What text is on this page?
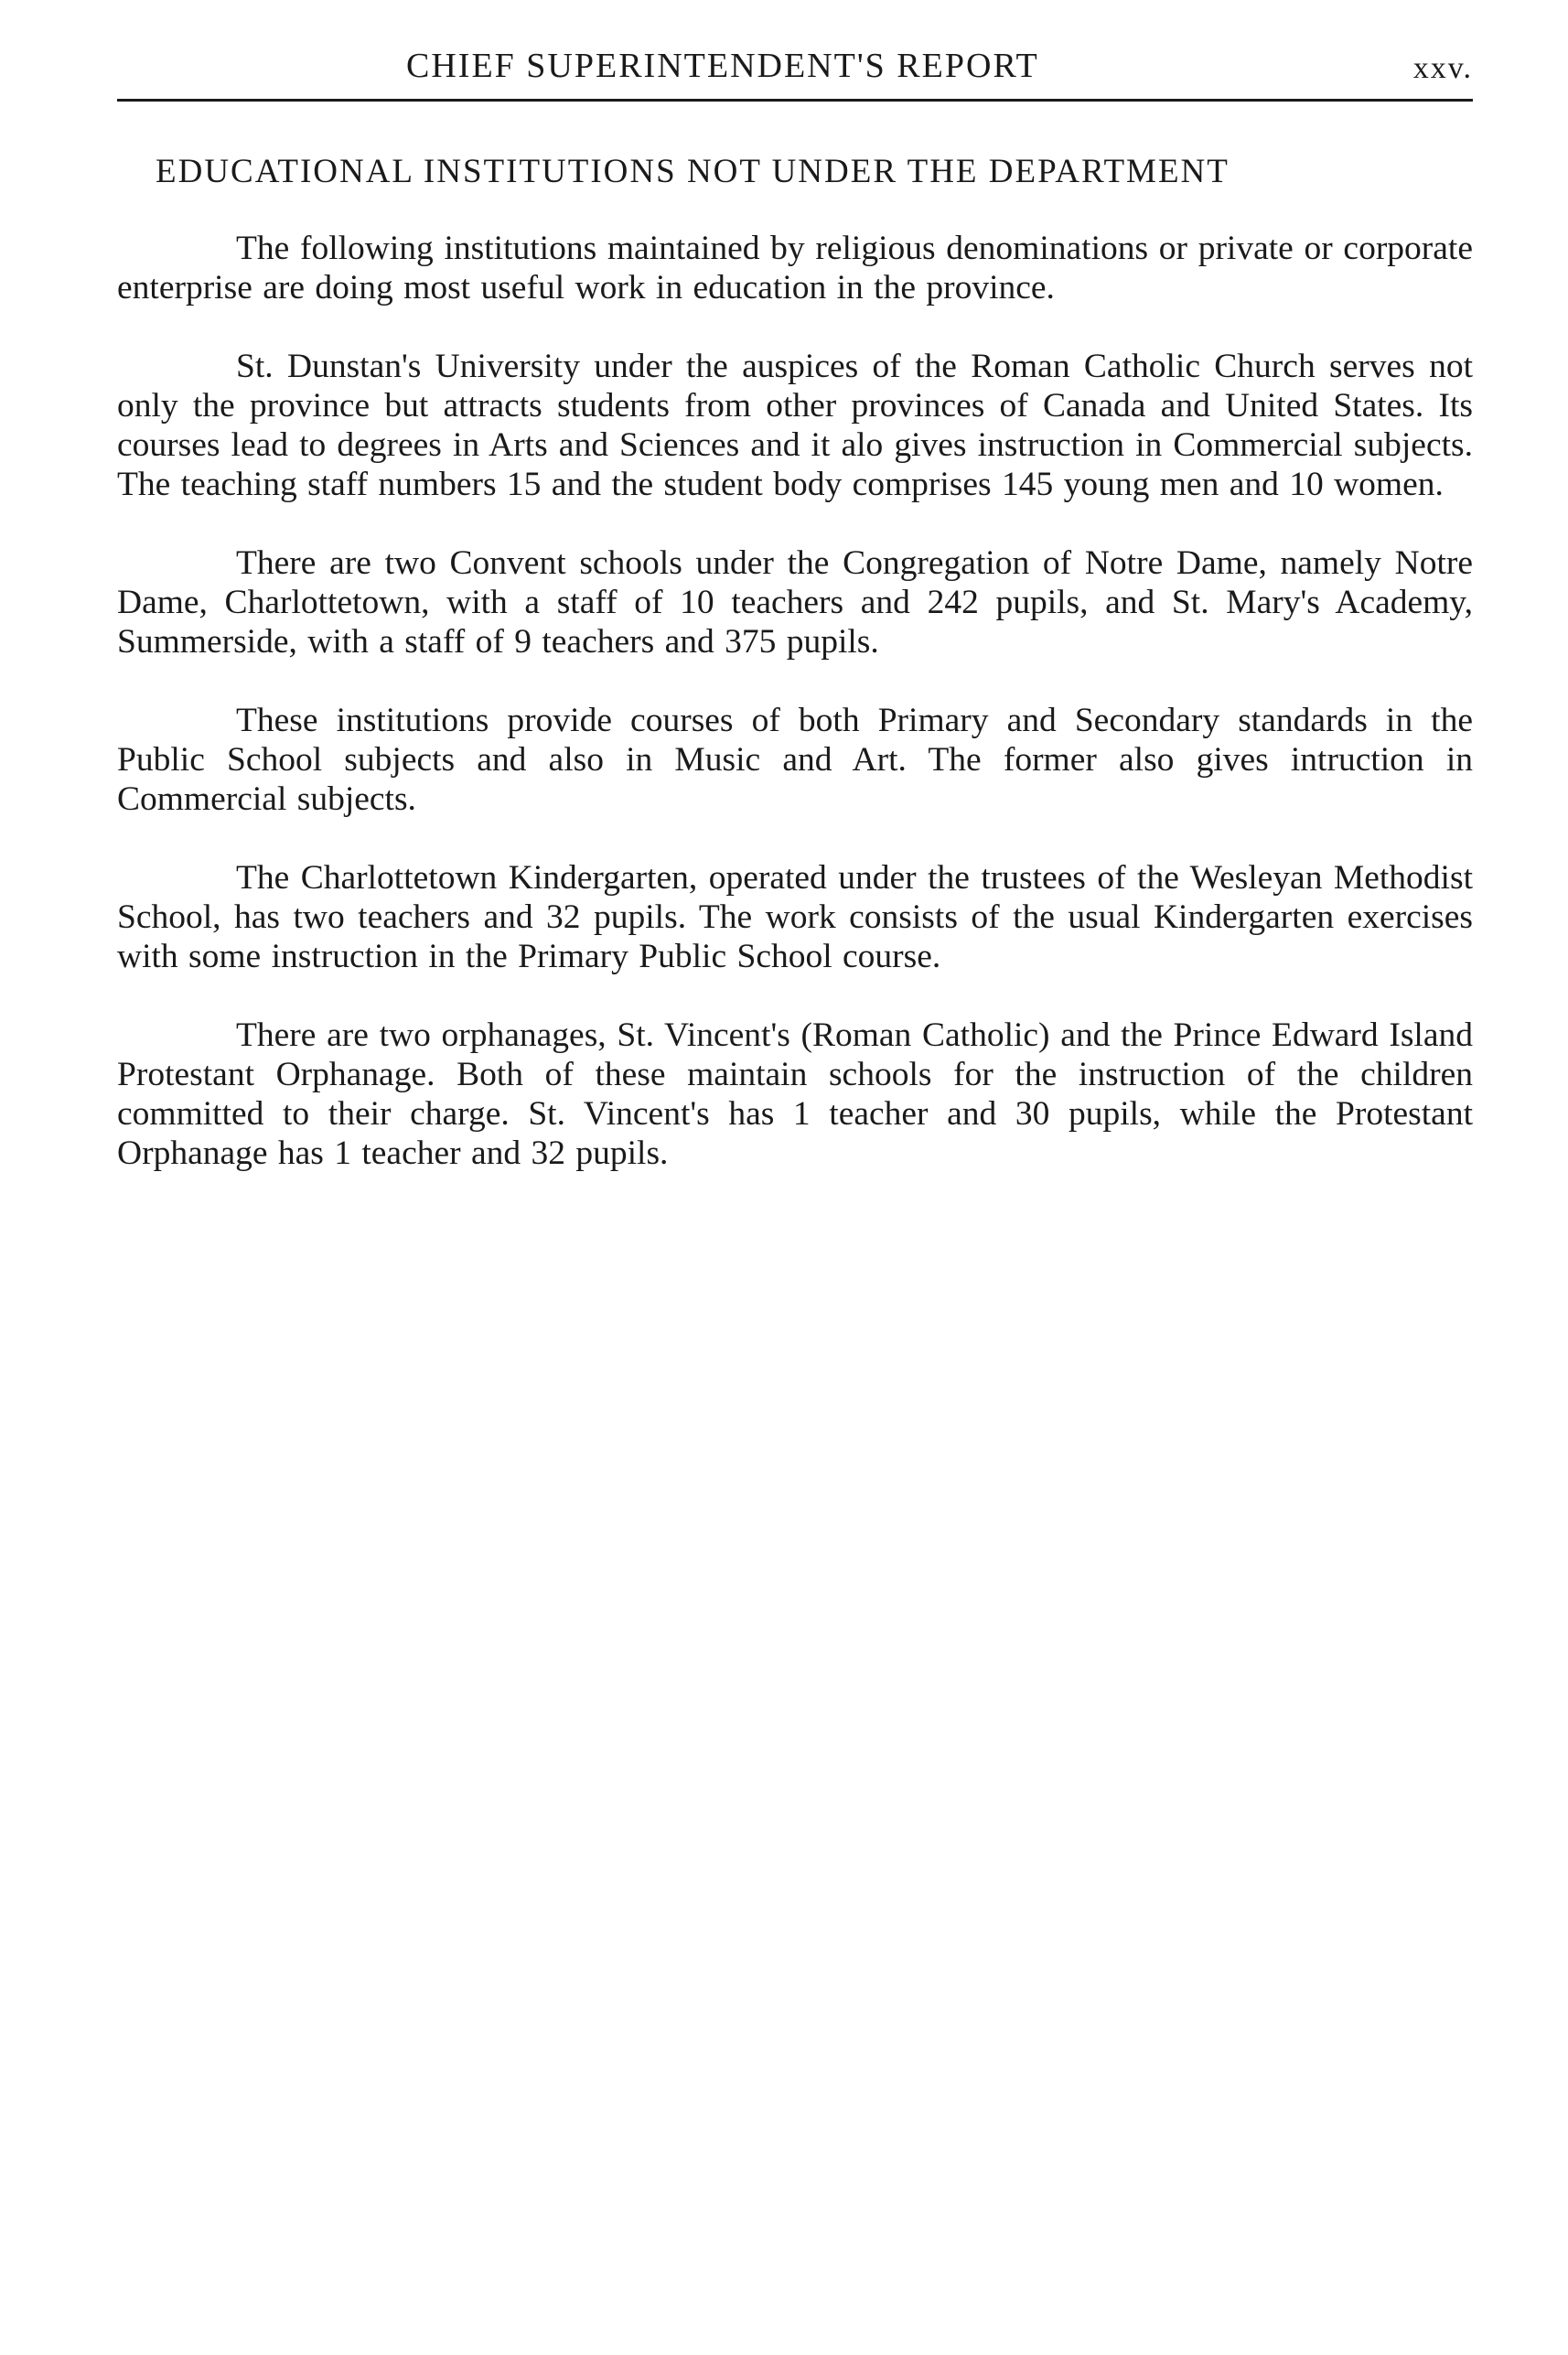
CHIEF SUPERINTENDENT'S REPORT	xxv.
EDUCATIONAL INSTITUTIONS NOT UNDER THE DEPARTMENT

The following institutions maintained by religious denominations or private or corporate enterprise are doing most useful work in education in the province.

St. Dunstan's University under the auspices of the Roman Catholic Church serves not only the province but attracts students from other provinces of Canada and United States. Its courses lead to degrees in Arts and Sciences and it alo gives instruction in Commercial subjects. The teaching staff numbers 15 and the student body comprises 145 young men and 10 women.

There are two Convent schools under the Congregation of Notre Dame, namely Notre Dame, Charlottetown, with a staff of 10 teachers and 242 pupils, and St. Mary's Academy, Summerside, with a staff of 9 teachers and 375 pupils.

These institutions provide courses of both Primary and Secondary standards in the Public School subjects and also in Music and Art. The former also gives intruction in Commercial subjects.

The Charlottetown Kindergarten, operated under the trustees of the Wesleyan Methodist School, has two teachers and 32 pupils. The work consists of the usual Kindergarten exercises with some instruction in the Primary Public School course.

There are two orphanages, St. Vincent's (Roman Catholic) and the Prince Edward Island Protestant Orphanage. Both of these maintain schools for the instruction of the children committed to their charge. St. Vincent's has 1 teacher and 30 pupils, while the Protestant Orphanage has 1 teacher and 32 pupils.
